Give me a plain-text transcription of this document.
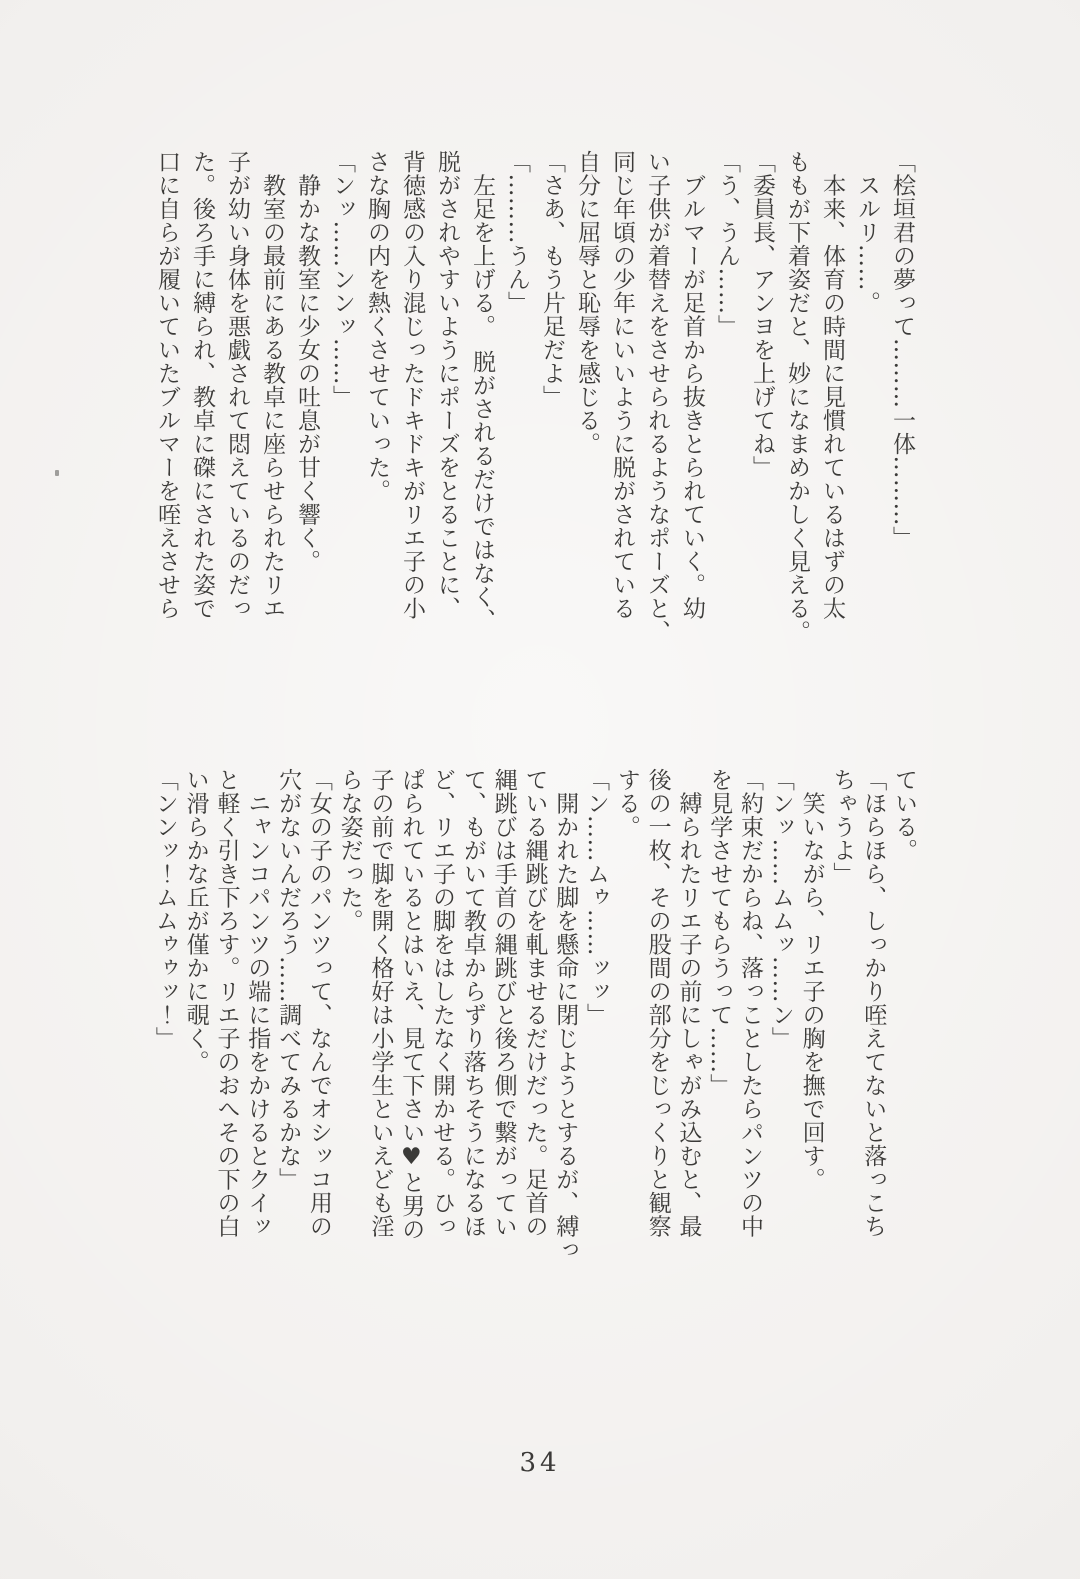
「桧垣君の夢って………一体………」
　スルリ……。
　本来、体育の時間に見慣れているはずの太
ももが下着姿だと、妙になまめかしく見える。
「委員長、アンヨを上げてね」
「う、うん……」
　ブルマーが足首から抜きとられていく。幼
い子供が着替えをさせられるようなポーズと、
同じ年頃の少年にいいように脱がされている
自分に屈辱と恥辱を感じる。
「さあ、もう片足だよ」
「………うん」
　左足を上げる。　脱がされるだけではなく、
脱がされやすいようにポーズをとることに、
背徳感の入り混じったドキドキがリエ子の小
さな胸の内を熱くさせていった。
「ンッ……ンンッ……」
　静かな教室に少女の吐息が甘く響く。
　教室の最前にある教卓に座らせられたリエ
子が幼い身体を悪戯されて悶えているのだっ
た。後ろ手に縛られ、教卓に磔にされた姿で
口に自らが履いていたブルマーを咥えさせら
ている。
「ほらほら、しっかり咥えてないと落っこち
ちゃうよ」
　笑いながら、リエ子の胸を撫で回す。
「ンッ……ムムッ……ン」
「約束だからね、落っことしたらパンツの中
を見学させてもらうって……」
　縛られたリエ子の前にしゃがみ込むと、最
後の一枚、その股間の部分をじっくりと観察
する。
「ン……ムゥ……ッッ」
　開かれた脚を懸命に閉じようとするが、縛っ
ている縄跳びを軋ませるだけだった。足首の
縄跳びは手首の縄跳びと後ろ側で繋がってい
て、もがいて教卓からずり落ちそうになるほ
ど、リエ子の脚をはしたなく開かせる。ひっ
ぱられているとはいえ、見て下さい♥と男の
子の前で脚を開く格好は小学生といえども淫
らな姿だった。
「女の子のパンツって、なんでオシッコ用の
穴がないんだろう……調べてみるかな」
　ニャンコパンツの端に指をかけるとクイッ
と軽く引き下ろす。リエ子のおへその下の白
い滑らかな丘が僅かに覗く。
「ンンッ！ムムゥゥッ！」
34
